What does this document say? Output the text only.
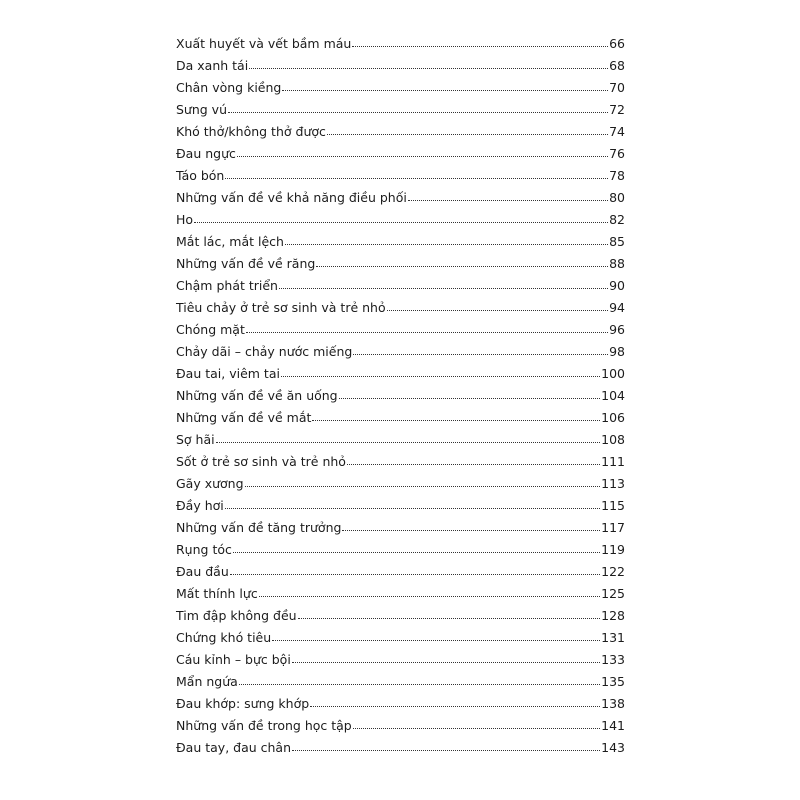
Xuất huyết và vết bầm máu	66
Da xanh tái	68
Chân vòng kiềng	70
Sưng vú	72
Khó thở/không thở được	74
Đau ngực	76
Táo bón	78
Những vấn đề về khả năng điều phối	80
Ho	82
Mắt lác, mắt lệch	85
Những vấn đề về răng	88
Chậm phát triển	90
Tiêu chảy ở trẻ sơ sinh và trẻ nhỏ	94
Chóng mặt	96
Chảy dãi – chảy nước miếng	98
Đau tai, viêm tai	100
Những vấn đề về ăn uống	104
Những vấn đề về mắt	106
Sợ hãi	108
Sốt ở trẻ sơ sinh và trẻ nhỏ	111
Gãy xương	113
Đầy hơi	115
Những vấn đề tăng trưởng	117
Rụng tóc	119
Đau đầu	122
Mất thính lực	125
Tim đập không đều	128
Chứng khó tiêu	131
Cáu kỉnh – bực bội	133
Mẩn ngứa	135
Đau khớp: sưng khớp	138
Những vấn đề trong học tập	141
Đau tay, đau chân	143
